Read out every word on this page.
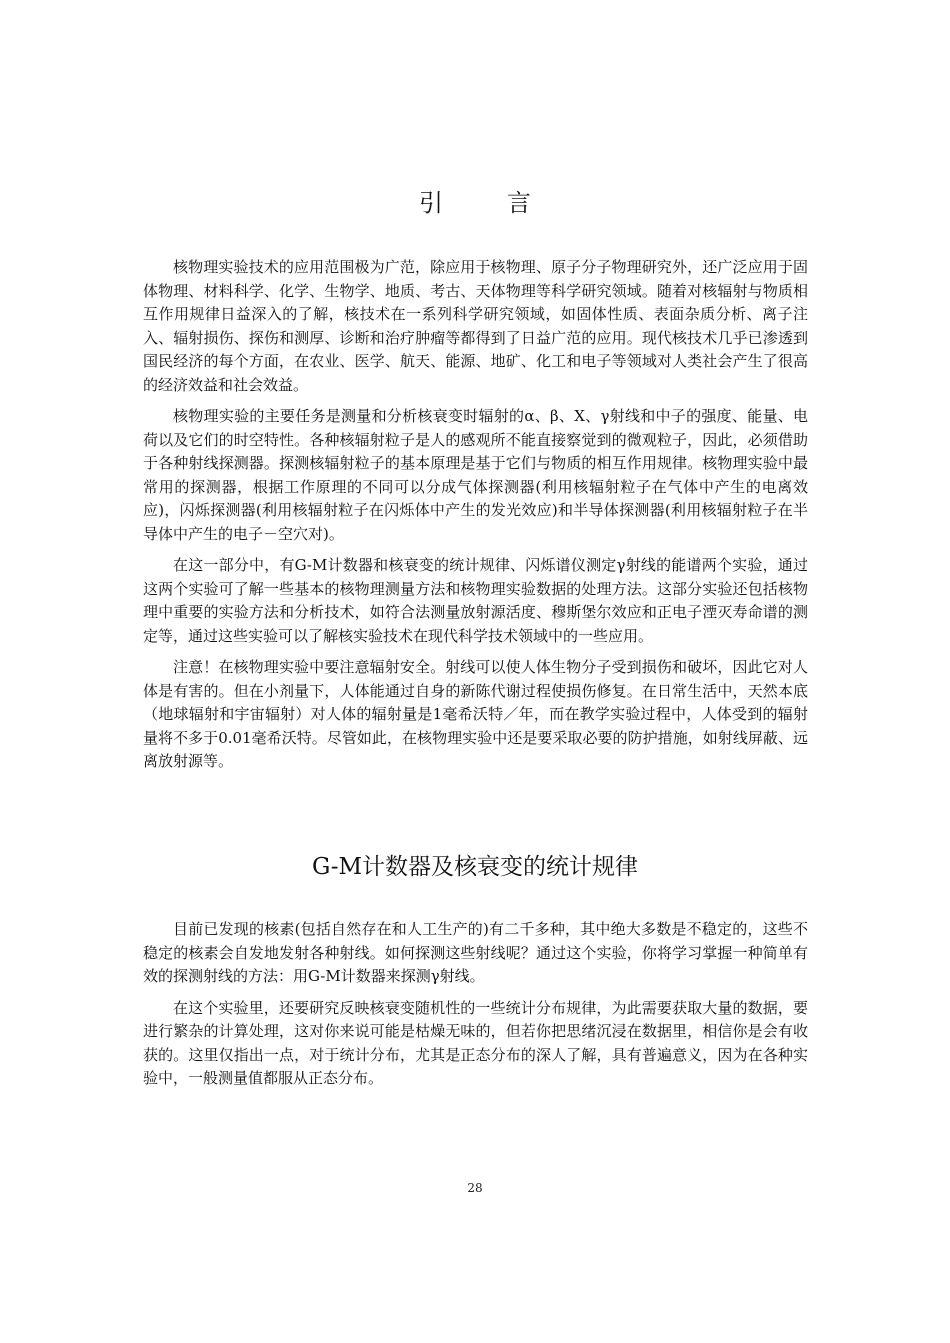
引　言

核物理实验技术的应用范围极为广范，除应用于核物理、原子分子物理研究外，还广泛应用于固体物理、材料科学、化学、生物学、地质、考古、天体物理等科学研究领域。随着对核辐射与物质相互作用规律日益深入的了解，核技术在一系列科学研究领域，如固体性质、表面杂质分析、离子注入、辐射损伤、探伤和测厚、诊断和治疗肿瘤等都得到了日益广范的应用。现代核技术几乎已渗透到国民经济的每个方面，在农业、医学、航天、能源、地矿、化工和电子等领域对人类社会产生了很高的经济效益和社会效益。

核物理实验的主要任务是测量和分析核衰变时辐射的α、β、X、γ射线和中子的强度、能量、电荷以及它们的时空特性。各种核辐射粒子是人的感观所不能直接察觉到的微观粒子，因此，必须借助于各种射线探测器。探测核辐射粒子的基本原理是基于它们与物质的相互作用规律。核物理实验中最常用的探测器，根据工作原理的不同可以分成气体探测器(利用核辐射粒子在气体中产生的电离效应)，闪烁探测器(利用核辐射粒子在闪烁体中产生的发光效应)和半导体探测器(利用核辐射粒子在半导体中产生的电子－空穴对)。

在这一部分中，有G-M计数器和核衰变的统计规律、闪烁谱仪测定γ射线的能谱两个实验，通过这两个实验可了解一些基本的核物理测量方法和核物理实验数据的处理方法。这部分实验还包括核物理中重要的实验方法和分析技术，如符合法测量放射源活度、穆斯堡尔效应和正电子湮灭寿命谱的测定等，通过这些实验可以了解核实验技术在现代科学技术领域中的一些应用。

注意！在核物理实验中要注意辐射安全。射线可以使人体生物分子受到损伤和破坏，因此它对人体是有害的。但在小剂量下，人体能通过自身的新陈代谢过程使损伤修复。在日常生活中，天然本底（地球辐射和宇宙辐射）对人体的辐射量是1毫希沃特／年，而在教学实验过程中，人体受到的辐射量将不多于0.01毫希沃特。尽管如此，在核物理实验中还是要采取必要的防护措施，如射线屏蔽、远离放射源等。

G-M计数器及核衰变的统计规律

目前已发现的核素(包括自然存在和人工生产的)有二千多种，其中绝大多数是不稳定的，这些不稳定的核素会自发地发射各种射线。如何探测这些射线呢？通过这个实验，你将学习掌握一种简单有效的探测射线的方法：用G-M计数器来探测γ射线。

在这个实验里，还要研究反映核衰变随机性的一些统计分布规律，为此需要获取大量的数据，要进行繁杂的计算处理，这对你来说可能是枯燥无味的，但若你把思绪沉浸在数据里，相信你是会有收获的。这里仅指出一点，对于统计分布，尤其是正态分布的深人了解，具有普遍意义，因为在各种实验中，一般测量值都服从正态分布。

28
